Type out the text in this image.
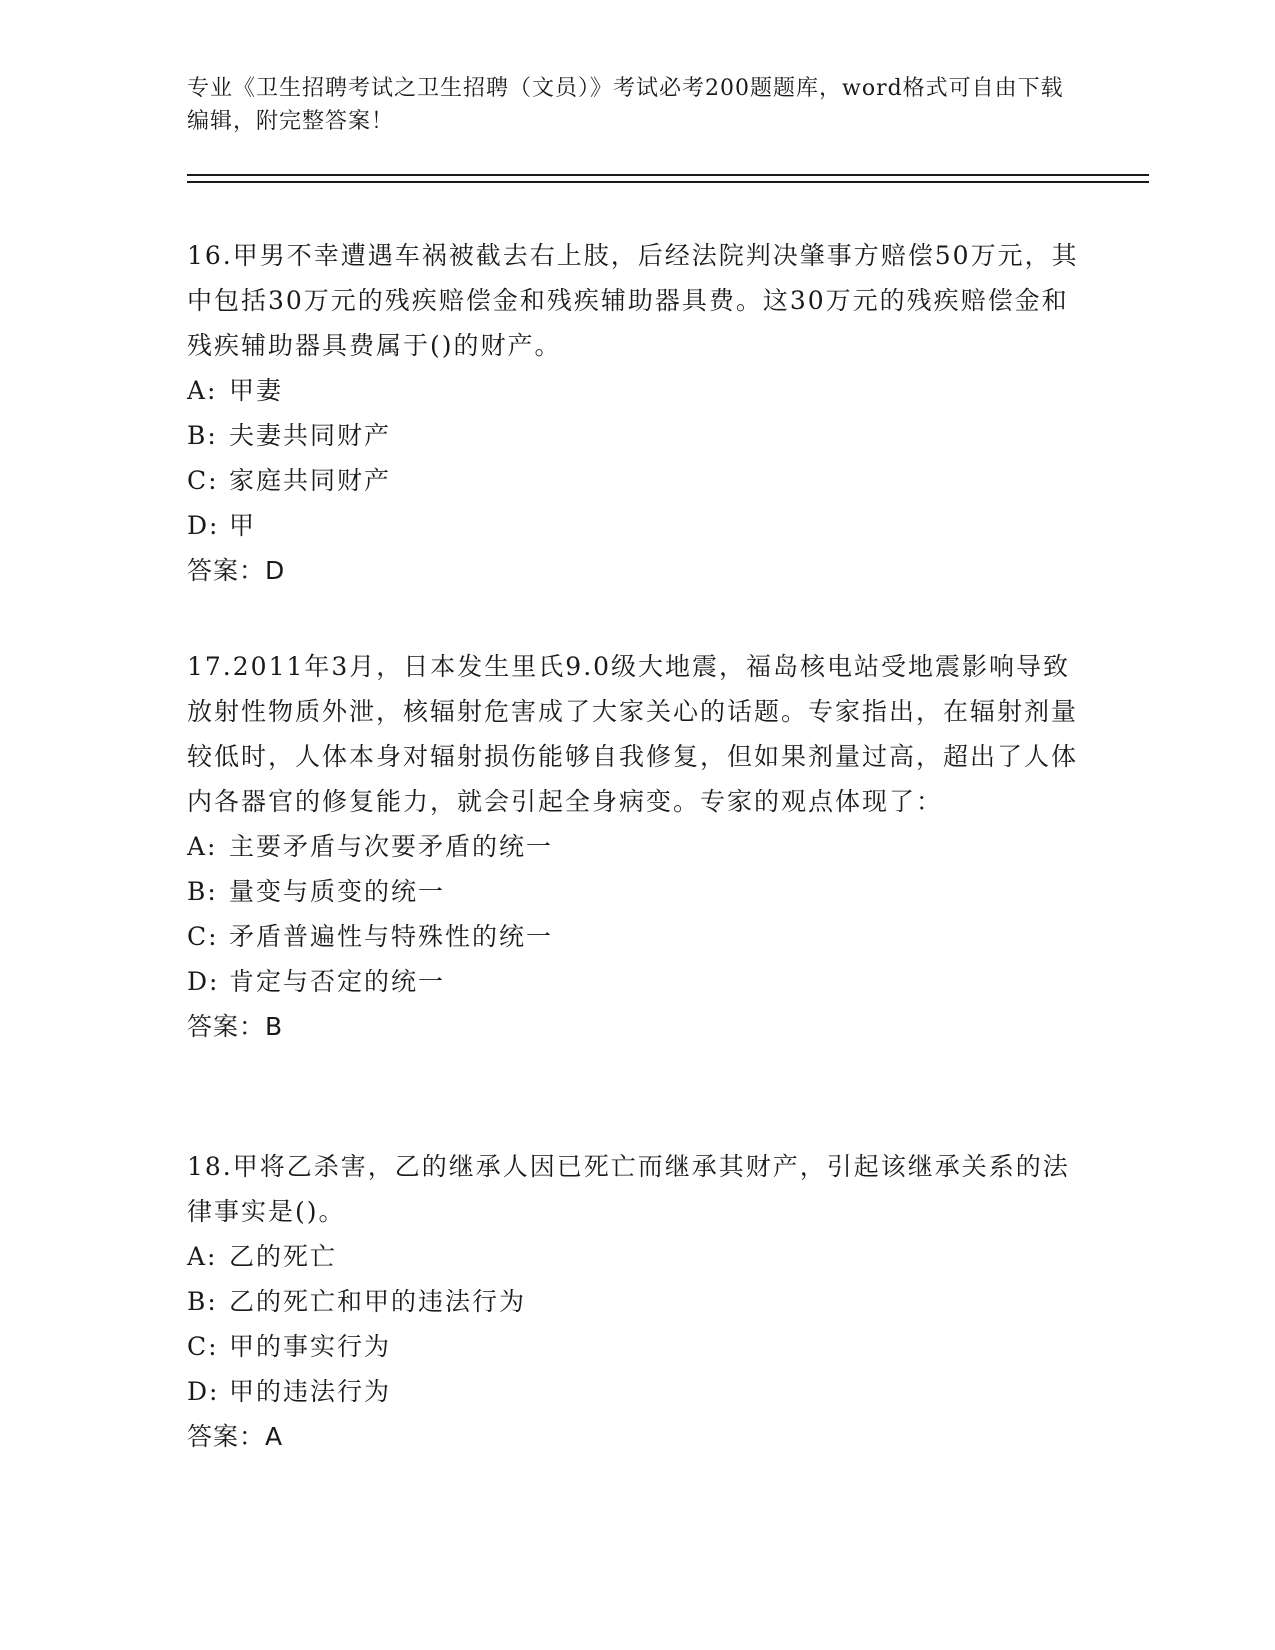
专业《卫生招聘考试之卫生招聘（文员）》考试必考200题题库，word格式可自由下载编辑，附完整答案！

16.甲男不幸遭遇车祸被截去右上肢，后经法院判决肇事方赔偿50万元，其中包括30万元的残疾赔偿金和残疾辅助器具费。这30万元的残疾赔偿金和残疾辅助器具费属于()的财产。

A: 甲妻
B: 夫妻共同财产
C: 家庭共同财产
D: 甲

答案：D

17.2011年3月，日本发生里氏9.0级大地震，福岛核电站受地震影响导致放射性物质外泄，核辐射危害成了大家关心的话题。专家指出，在辐射剂量较低时，人体本身对辐射损伤能够自我修复，但如果剂量过高，超出了人体内各器官的修复能力，就会引起全身病变。专家的观点体现了：

A: 主要矛盾与次要矛盾的统一
B: 量变与质变的统一
C: 矛盾普遍性与特殊性的统一
D: 肯定与否定的统一

答案：B

18.甲将乙杀害，乙的继承人因已死亡而继承其财产，引起该继承关系的法律事实是()。

A: 乙的死亡
B: 乙的死亡和甲的违法行为
C: 甲的事实行为
D: 甲的违法行为

答案：A
